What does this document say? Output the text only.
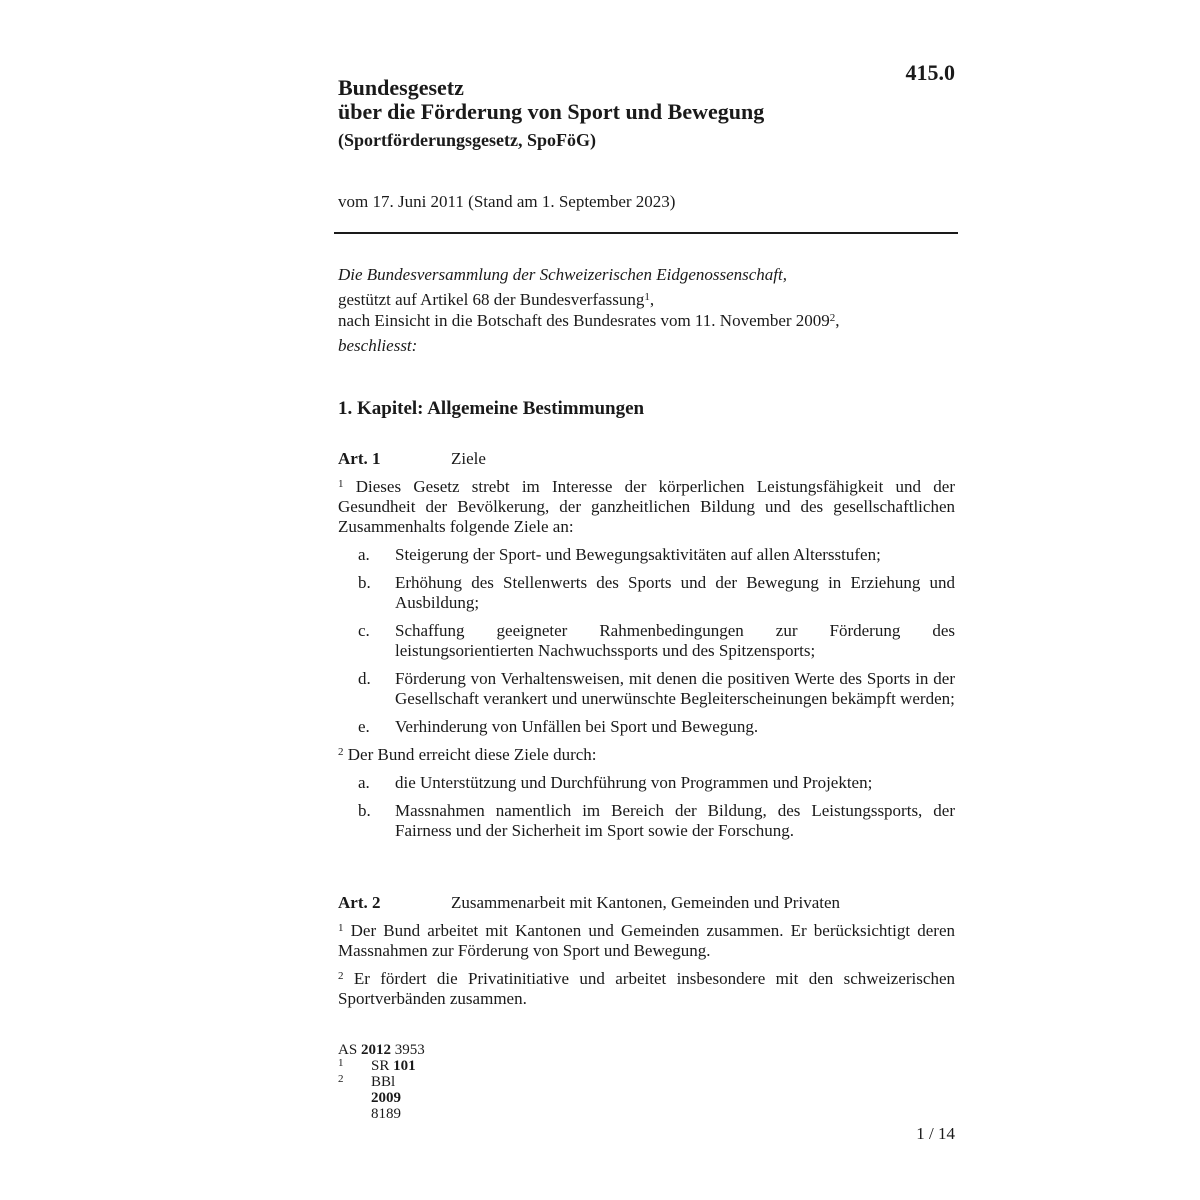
415.0
Bundesgesetz
über die Förderung von Sport und Bewegung
(Sportförderungsgesetz, SpoFöG)
vom 17. Juni 2011 (Stand am 1. September 2023)

Die Bundesversammlung der Schweizerischen Eidgenossenschaft,

gestützt auf Artikel 68 der Bundesverfassung$^1$,

nach Einsicht in die Botschaft des Bundesrates vom 11. November 2009$^2$,

beschliesst:

1. Kapitel: Allgemeine Bestimmungen
Art. 1	Ziele

$^1$ Dieses Gesetz strebt im Interesse der körperlichen Leistungsfähigkeit und der Gesundheit der Bevölkerung, der ganzheitlichen Bildung und des gesellschaftlichen Zusammenhalts folgende Ziele an:

a. Steigerung der Sport- und Bewegungsaktivitäten auf allen Altersstufen;
b. Erhöhung des Stellenwerts des Sports und der Bewegung in Erziehung und Ausbildung;
c. Schaffung geeigneter Rahmenbedingungen zur Förderung des leistungsorientierten Nachwuchssports und des Spitzensports;
d. Förderung von Verhaltensweisen, mit denen die positiven Werte des Sports in der Gesellschaft verankert und unerwünschte Begleiterscheinungen bekämpft werden;
e. Verhinderung von Unfällen bei Sport und Bewegung.

$^2$ Der Bund erreicht diese Ziele durch:

a. die Unterstützung und Durchführung von Programmen und Projekten;
b. Massnahmen namentlich im Bereich der Bildung, des Leistungssports, der Fairness und der Sicherheit im Sport sowie der Forschung.
Art. 2	Zusammenarbeit mit Kantonen, Gemeinden und Privaten

$^1$ Der Bund arbeitet mit Kantonen und Gemeinden zusammen. Er berücksichtigt deren Massnahmen zur Förderung von Sport und Bewegung.

$^2$ Er fördert die Privatinitiative und arbeitet insbesondere mit den schweizerischen Sportverbänden zusammen.

AS 2012 3953
1 SR 101
2 BBl 2009 8189
1 / 14
